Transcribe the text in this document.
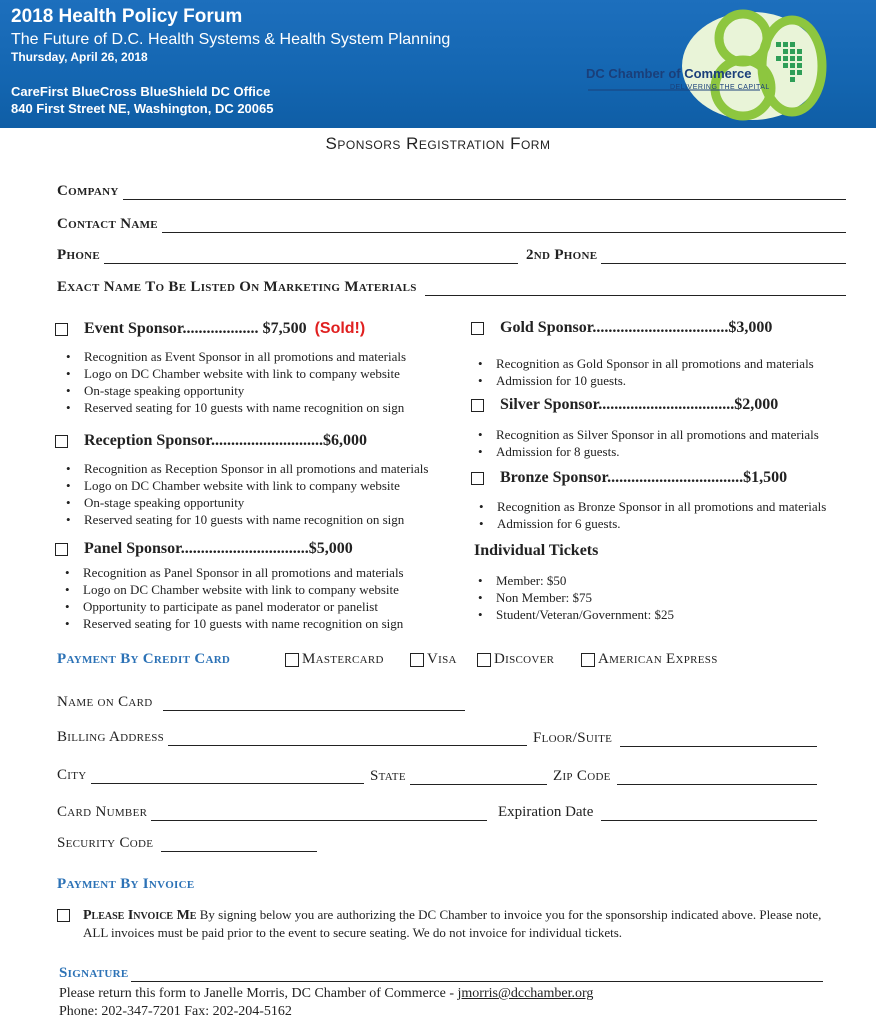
2018 Health Policy Forum
The Future of D.C. Health Systems & Health System Planning
Thursday, April 26, 2018
CareFirst BlueCross BlueShield DC Office
840 First Street NE, Washington, DC 20065
DC Chamber of Commerce
DELIVERING THE CAPITAL
Sponsors Registration Form
Company
Contact Name
Phone	2nd Phone
Exact Name To Be Listed On Marketing Materials
Event Sponsor................... $7,500 (Sold!)
• Recognition as Event Sponsor in all promotions and materials
• Logo on DC Chamber website with link to company website
• On-stage speaking opportunity
• Reserved seating for 10 guests with name recognition on sign
Reception Sponsor............................ $6,000
• Recognition as Reception Sponsor in all promotions and materials
• Logo on DC Chamber website with link to company website
• On-stage speaking opportunity
• Reserved seating for 10 guests with name recognition on sign
Panel Sponsor................................ $5,000
• Recognition as Panel Sponsor in all promotions and materials
• Logo on DC Chamber website with link to company website
• Opportunity to participate as panel moderator or panelist
• Reserved seating for 10 guests with name recognition on sign
Gold Sponsor.................................. $3,000
• Recognition as Gold Sponsor in all promotions and materials
• Admission for 10 guests.
Silver Sponsor.................................. $2,000
• Recognition as Silver Sponsor in all promotions and materials
• Admission for 8 guests.
Bronze Sponsor.................................. $1,500
• Recognition as Bronze Sponsor in all promotions and materials
• Admission for 6 guests.
Individual Tickets
• Member: $50
• Non Member: $75
• Student/Veteran/Government: $25
Payment By Credit Card	Mastercard	Visa Discover	American Express
Name on Card
Billing Address	Floor/Suite
City	State	Zip Code
Card Number	Expiration Date
Security Code
Payment By Invoice
Please Invoice Me By signing below you are authorizing the DC Chamber to invoice you for the sponsorship indicated above. Please note, ALL invoices must be paid prior to the event to secure seating. We do not invoice for individual tickets.
Signature
Please return this form to Janelle Morris, DC Chamber of Commerce - jmorris@dcchamber.org
Phone: 202-347-7201 Fax: 202-204-5162
